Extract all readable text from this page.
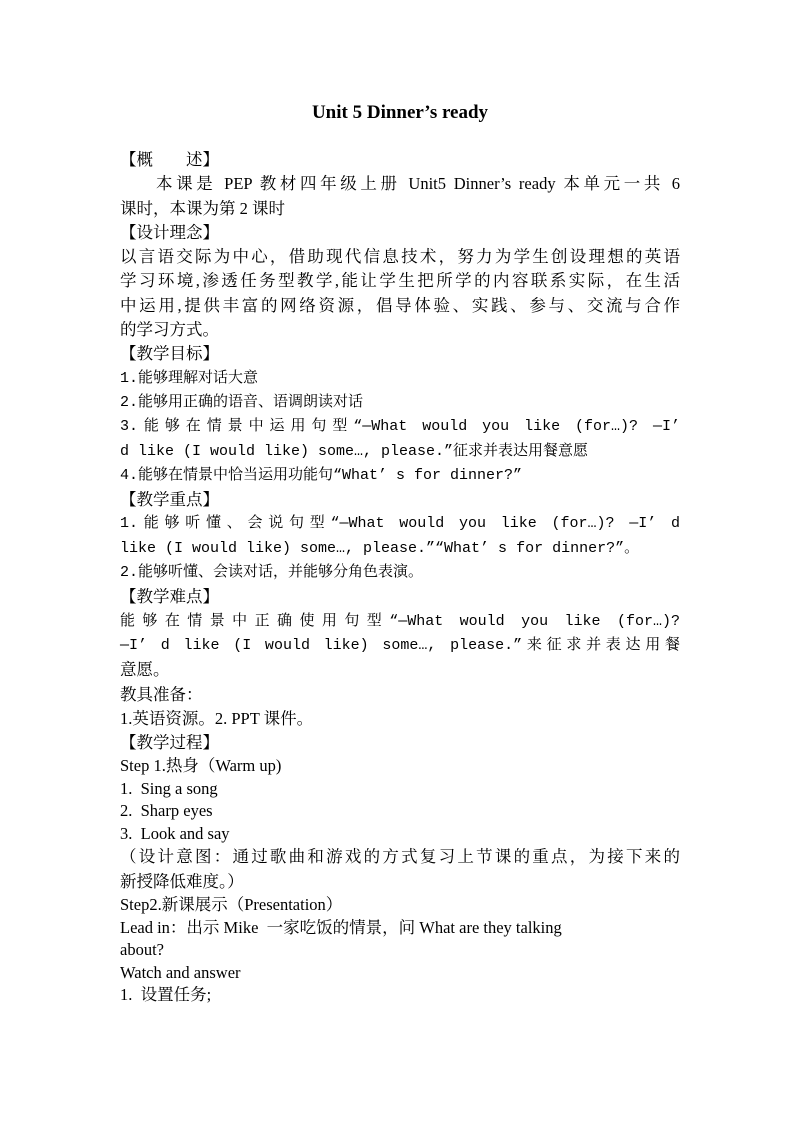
Unit 5 Dinner’s ready
【概　　述】
本课是 PEP 教材四年级上册 Unit5 Dinner’s ready 本单元一共 6
课时，本课为第 2 课时
【设计理念】
以言语交际为中心，借助现代信息技术，努力为学生创设理想的英语
学习环境,渗透任务型教学,能让学生把所学的内容联系实际，在生活
中运用,提供丰富的网络资源，倡导体验、实践、参与、交流与合作
的学习方式。
【教学目标】
1.能够理解对话大意
2.能够用正确的语音、语调朗读对话
3.能够在情景中运用句型“—What would you like (for…)? —I’
d like (I would like) some…, please.”征求并表达用餐意愿
4.能够在情景中恰当运用功能句“What’ s for dinner?”
【教学重点】
1.能够听懂、会说句型“—What would you like (for…)? —I’ d
like (I would like) some…, please.”“What’ s for dinner?”。
2.能够听懂、会读对话，并能够分角色表演。
【教学难点】
能够在情景中正确使用句型“—What would you like (for…)?
—I’ d like (I would like) some…, please.”来征求并表达用餐
意愿。
教具准备：
1.英语资源。2. PPT 课件。
【教学过程】
Step 1.热身（Warm up)
1.  Sing a song
2.  Sharp eyes
3.  Look and say
（设计意图：通过歌曲和游戏的方式复习上节课的重点，为接下来的
新授降低难度。）
Step2.新课展示（Presentation）
Lead in：出示 Mike  一家吃饭的情景，问 What are they talking
about?
Watch and answer
1.  设置任务;
